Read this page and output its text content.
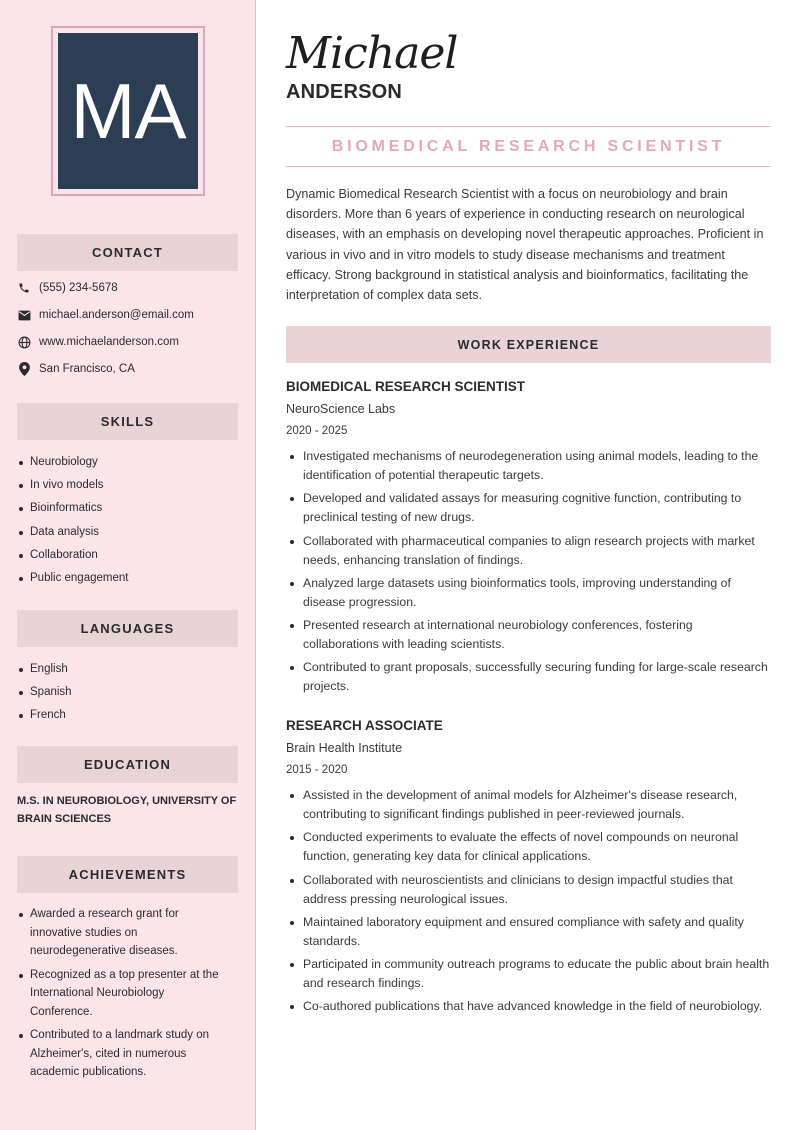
MA
CONTACT
(555) 234-5678
michael.anderson@email.com
www.michaelanderson.com
San Francisco, CA
SKILLS
Neurobiology
In vivo models
Bioinformatics
Data analysis
Collaboration
Public engagement
LANGUAGES
English
Spanish
French
EDUCATION
M.S. IN NEUROBIOLOGY, UNIVERSITY OF BRAIN SCIENCES
ACHIEVEMENTS
Awarded a research grant for innovative studies on neurodegenerative diseases.
Recognized as a top presenter at the International Neurobiology Conference.
Contributed to a landmark study on Alzheimer's, cited in numerous academic publications.
Michael
ANDERSON
BIOMEDICAL RESEARCH SCIENTIST

Dynamic Biomedical Research Scientist with a focus on neurobiology and brain disorders. More than 6 years of experience in conducting research on neurological diseases, with an emphasis on developing novel therapeutic approaches. Proficient in various in vivo and in vitro models to study disease mechanisms and treatment efficacy. Strong background in statistical analysis and bioinformatics, facilitating the interpretation of complex data sets.

WORK EXPERIENCE
BIOMEDICAL RESEARCH SCIENTIST
NeuroScience Labs
2020 - 2025
Investigated mechanisms of neurodegeneration using animal models, leading to the identification of potential therapeutic targets.
Developed and validated assays for measuring cognitive function, contributing to preclinical testing of new drugs.
Collaborated with pharmaceutical companies to align research projects with market needs, enhancing translation of findings.
Analyzed large datasets using bioinformatics tools, improving understanding of disease progression.
Presented research at international neurobiology conferences, fostering collaborations with leading scientists.
Contributed to grant proposals, successfully securing funding for large-scale research projects.
RESEARCH ASSOCIATE
Brain Health Institute
2015 - 2020
Assisted in the development of animal models for Alzheimer's disease research, contributing to significant findings published in peer-reviewed journals.
Conducted experiments to evaluate the effects of novel compounds on neuronal function, generating key data for clinical applications.
Collaborated with neuroscientists and clinicians to design impactful studies that address pressing neurological issues.
Maintained laboratory equipment and ensured compliance with safety and quality standards.
Participated in community outreach programs to educate the public about brain health and research findings.
Co-authored publications that have advanced knowledge in the field of neurobiology.
